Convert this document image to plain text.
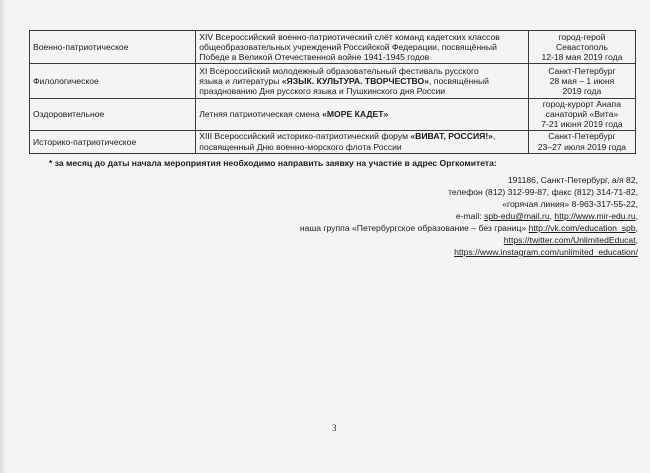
Военно-патриотическое	XIV Всероссийский военно-патриотический слёт команд кадетских классов
общеобразовательных учреждений Российской Федерации, посвящённый
Победе в Великой Отечественной войне 1941-1945 годов	город-герой
Севастополь
12-18 мая 2019 года

Филологическое	XI Всероссийский молодежный образовательный фестиваль русского
языка и литературы «ЯЗЫК. КУЛЬТУРА. ТВОРЧЕСТВО», посвящённый
празднованию Дня русского языка и Пушкинского дня России	Санкт-Петербург
28 мая – 1 июня
2019 года

Оздоровительное	Летняя патриотическая смена «МОРЕ КАДЕТ»	город-курорт Анапа
санаторий «Вита»
7-21 июня 2019 года

Историко-патриотическое	XIII Всероссийский историко-патриотический форум «ВИВАТ, РОССИЯ!»,
посвященный Дню военно-морского флота России	Санкт-Петербург
23–27 июля 2019 года
* за месяц до даты начала мероприятия необходимо направить заявку на участие в адрес Оргкомитета:
191186, Санкт-Петербург, а/я 82,
телефон (812) 312-99-87, факс (812) 314-71-82,
«горячая линия» 8-963-317-55-22,
e-mail: spb-edu@mail.ru, http://www.mir-edu.ru,
наша группа «Петербургское образование – без границ» http://vk.com/education_spb,
https://twitter.com/UnlimitedEducat,
https://www.instagram.com/unlimited_education/
3
